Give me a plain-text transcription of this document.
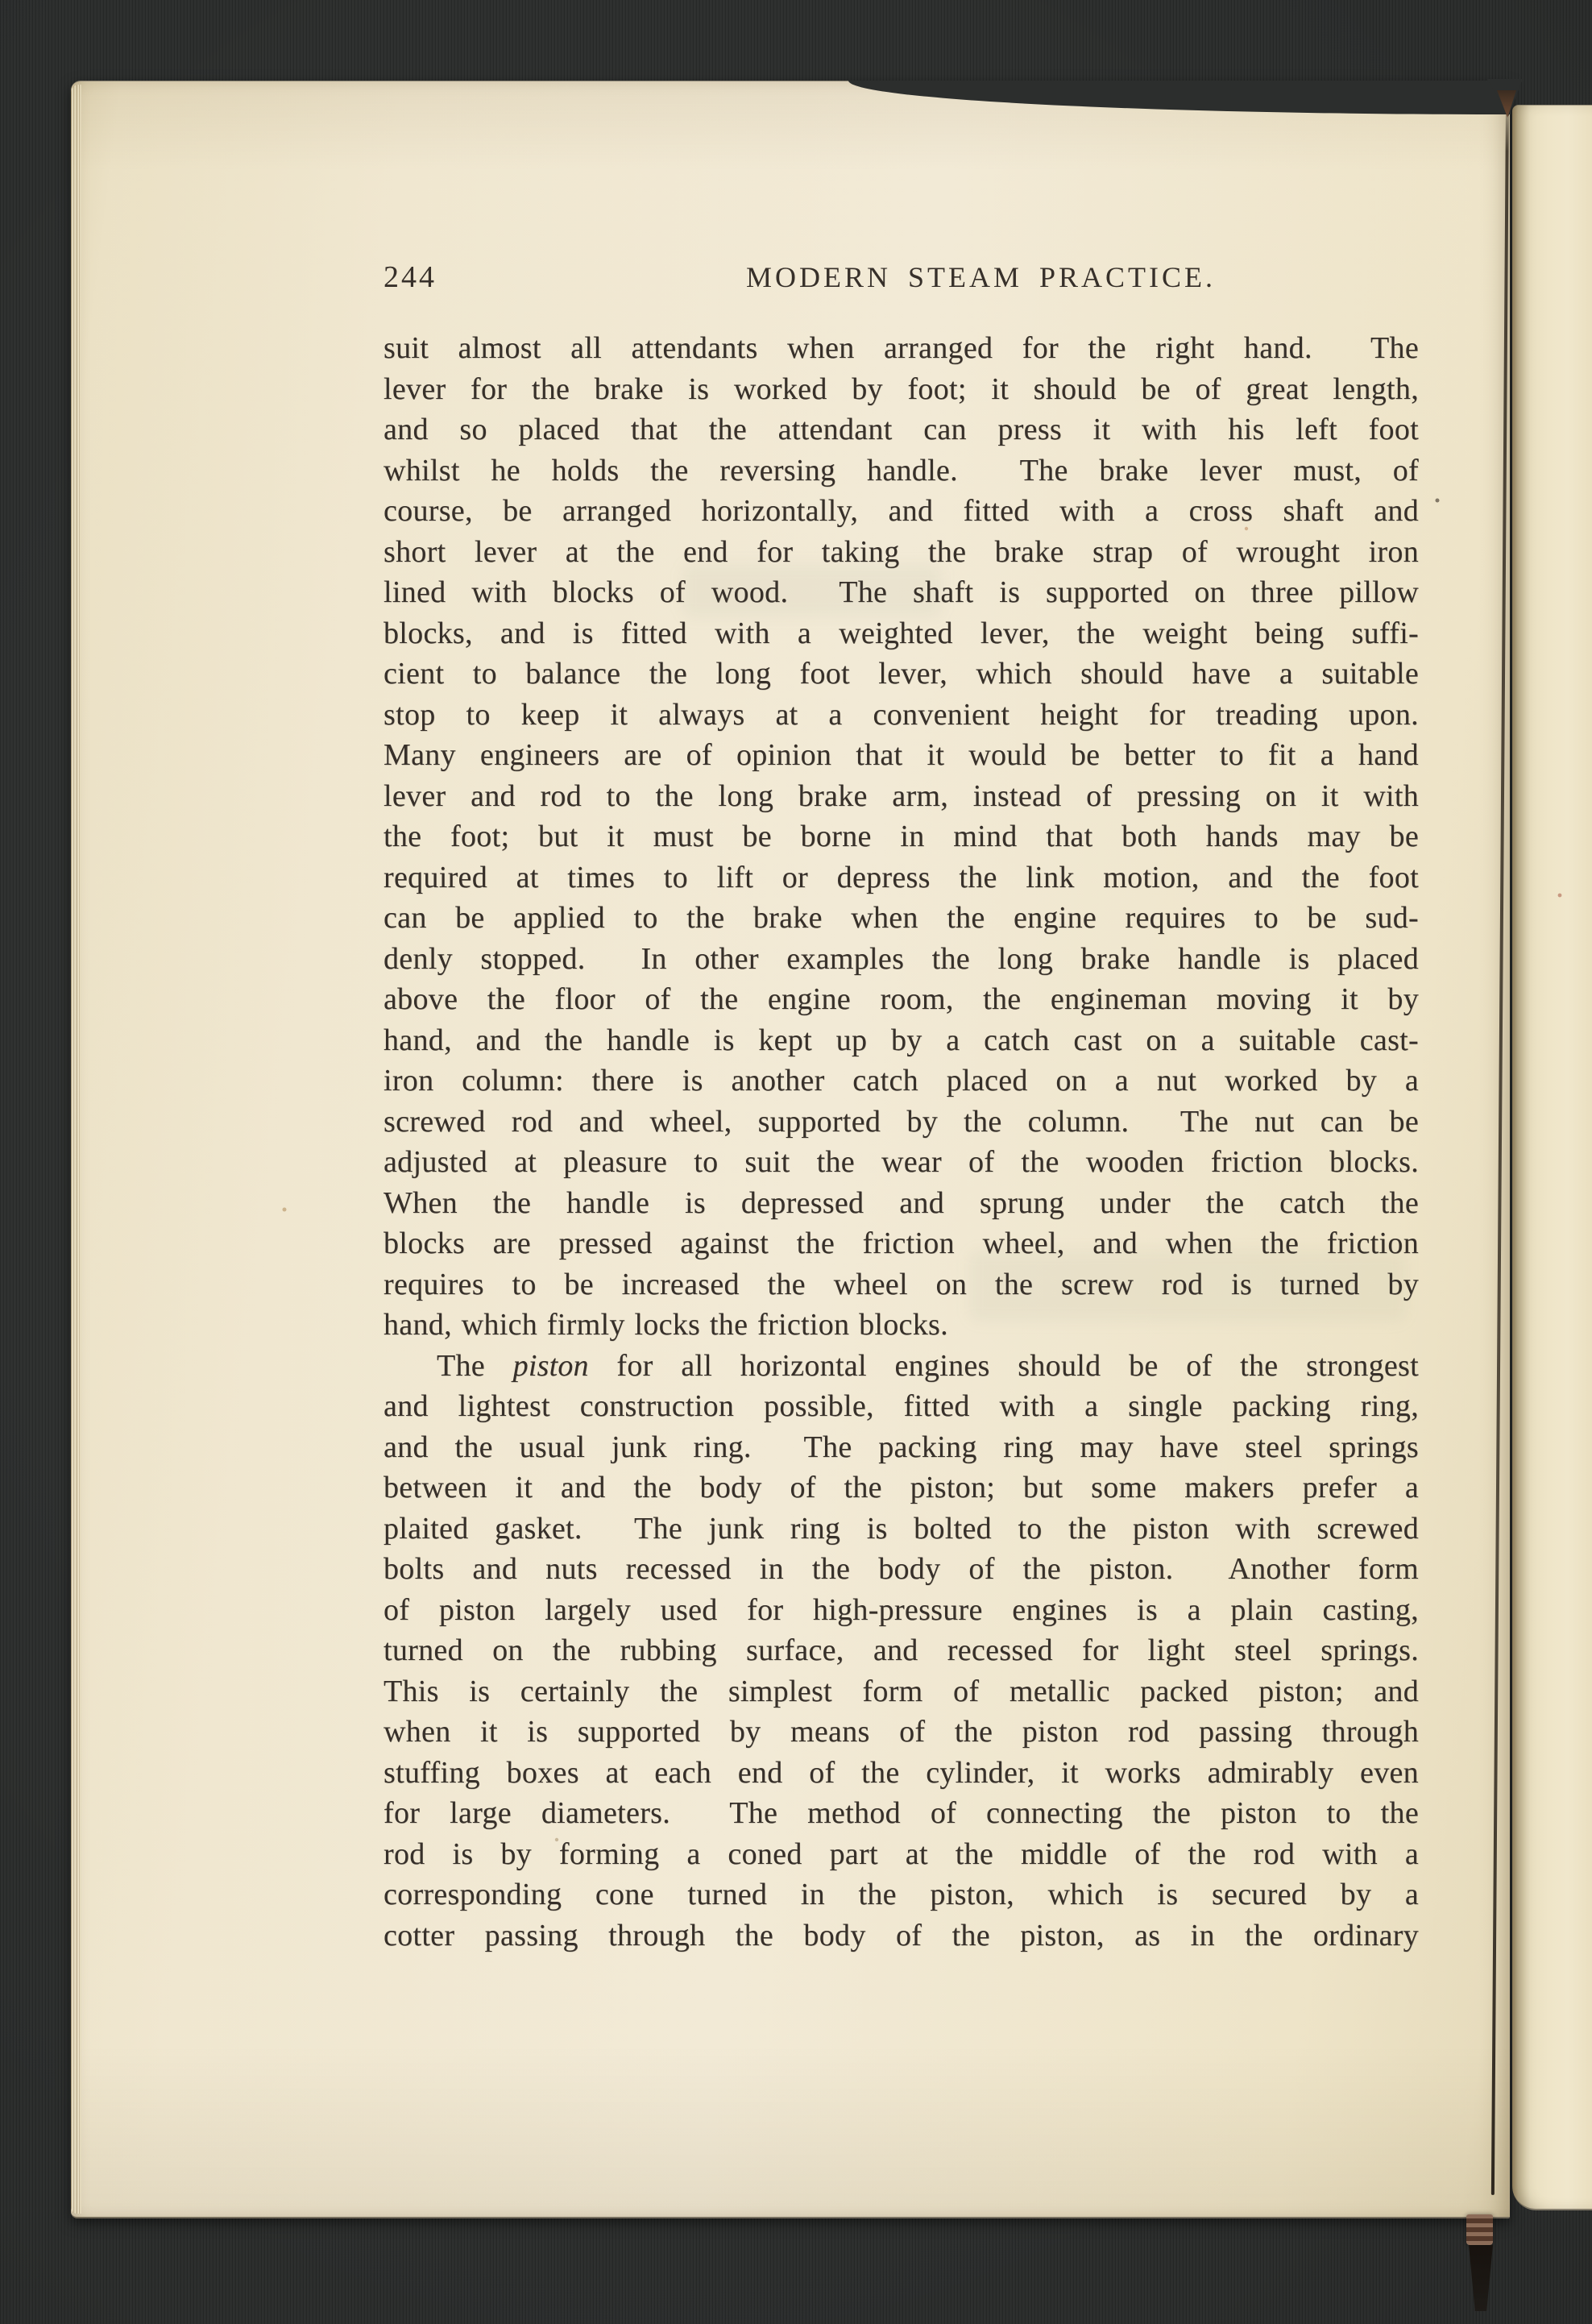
244	MODERN STEAM PRACTICE.
suit almost all attendants when arranged for the right hand.  The
lever for the brake is worked by foot; it should be of great length,
and so placed that the attendant can press it with his left foot
whilst he holds the reversing handle.  The brake lever must, of
course, be arranged horizontally, and fitted with a cross shaft and
short lever at the end for taking the brake strap of wrought iron
lined with blocks of wood.  The shaft is supported on three pillow
blocks, and is fitted with a weighted lever, the weight being suffi-
cient to balance the long foot lever, which should have a suitable
stop to keep it always at a convenient height for treading upon.
Many engineers are of opinion that it would be better to fit a hand
lever and rod to the long brake arm, instead of pressing on it with
the foot; but it must be borne in mind that both hands may be
required at times to lift or depress the link motion, and the foot
can be applied to the brake when the engine requires to be sud-
denly stopped.  In other examples the long brake handle is placed
above the floor of the engine room, the engineman moving it by
hand, and the handle is kept up by a catch cast on a suitable cast-
iron column: there is another catch placed on a nut worked by a
screwed rod and wheel, supported by the column.  The nut can be
adjusted at pleasure to suit the wear of the wooden friction blocks.
When the handle is depressed and sprung under the catch the
blocks are pressed against the friction wheel, and when the friction
requires to be increased the wheel on the screw rod is turned by
hand, which firmly locks the friction blocks.
The piston for all horizontal engines should be of the strongest
and lightest construction possible, fitted with a single packing ring,
and the usual junk ring.  The packing ring may have steel springs
between it and the body of the piston; but some makers prefer a
plaited gasket.  The junk ring is bolted to the piston with screwed
bolts and nuts recessed in the body of the piston.  Another form
of piston largely used for high-pressure engines is a plain casting,
turned on the rubbing surface, and recessed for light steel springs.
This is certainly the simplest form of metallic packed piston; and
when it is supported by means of the piston rod passing through
stuffing boxes at each end of the cylinder, it works admirably even
for large diameters.  The method of connecting the piston to the
rod is by forming a coned part at the middle of the rod with a
corresponding cone turned in the piston, which is secured by a
cotter passing through the body of the piston, as in the ordinary
